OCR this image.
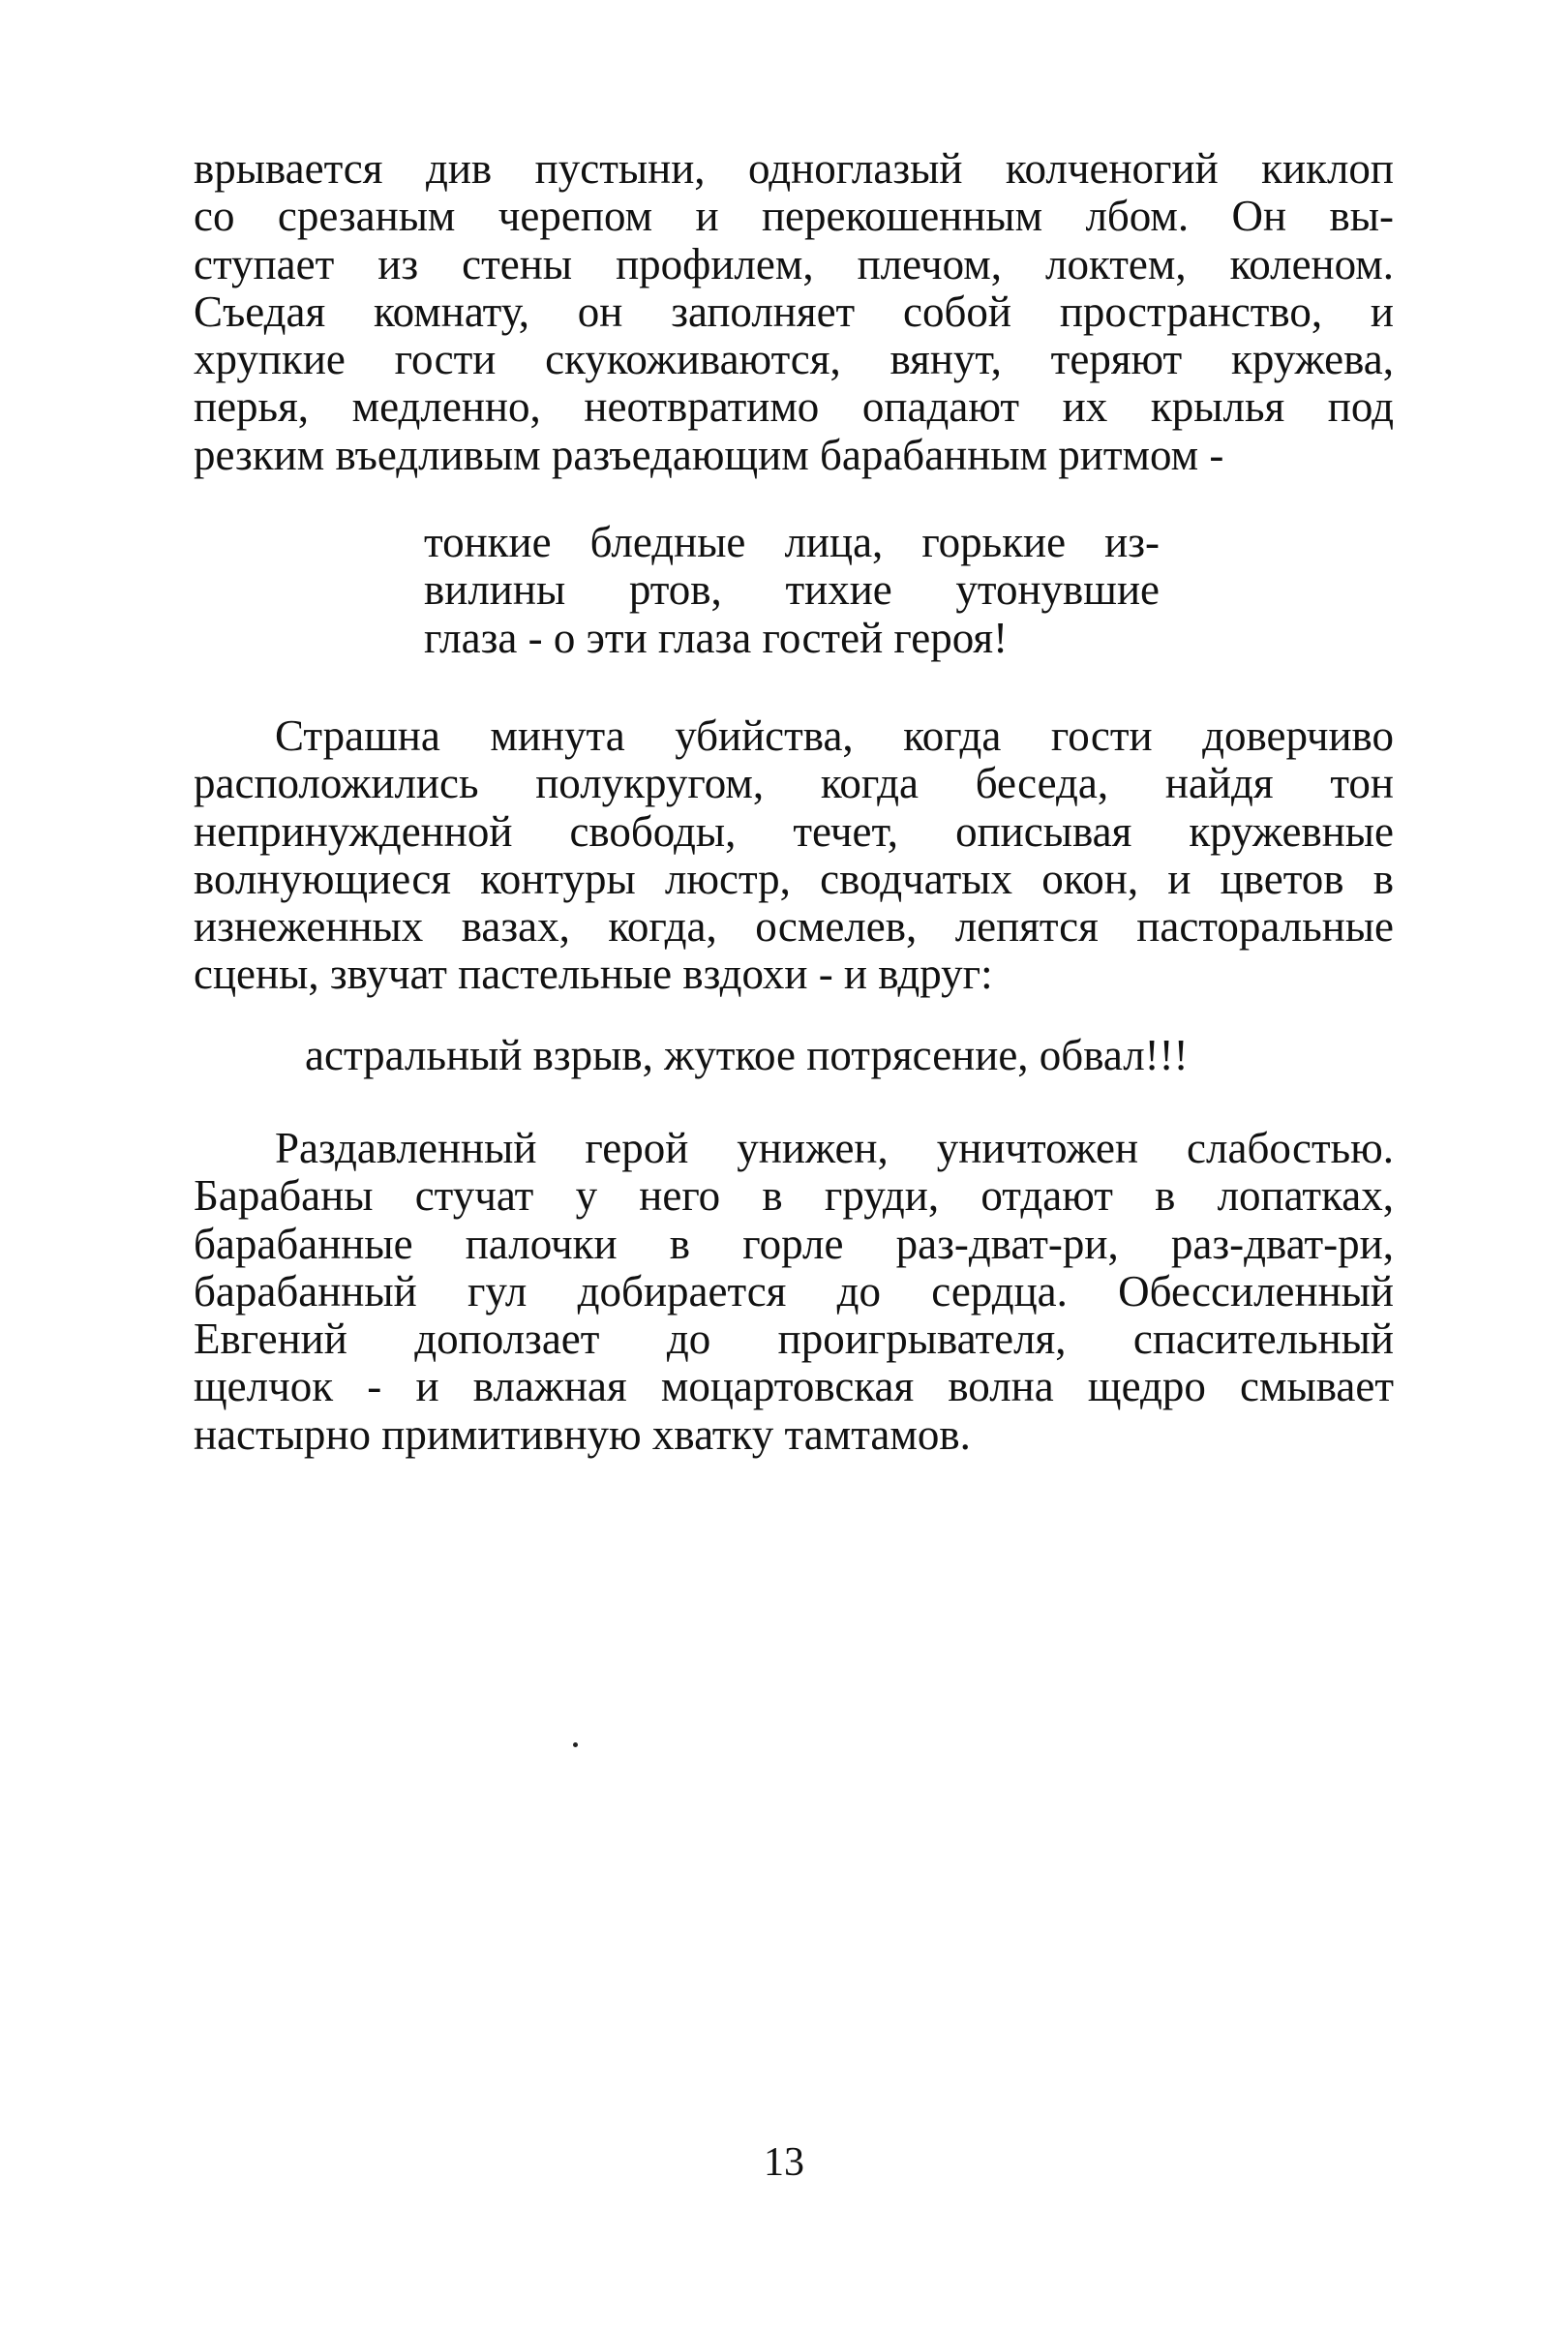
врывается див пустыни, одноглазый колченогий киклоп
со срезаным черепом и перекошенным лбом. Он вы-
ступает из стены профилем, плечом, локтем, коленом.
Съедая комнату, он заполняет собой пространство, и
хрупкие гости скукоживаются, вянут, теряют кружева,
перья, медленно, неотвратимо опадают их крылья под
резким въедливым разъедающим барабанным ритмом -
тонкие бледные лица, горькие из-
вилины ртов, тихие утонувшие
глаза - о эти глаза гостей героя!
Страшна минута убийства, когда гости доверчиво
расположились полукругом, когда беседа, найдя тон
непринужденной свободы, течет, описывая кружевные
волнующиеся контуры люстр, сводчатых окон, и цветов в
изнеженных вазах, когда, осмелев, лепятся пасторальные
сцены, звучат пастельные вздохи - и вдруг:
астральный взрыв, жуткое потрясение, обвал!!!
Раздавленный герой унижен, уничтожен слабостью.
Барабаны стучат у него в груди, отдают в лопатках,
барабанные палочки в горле раз-дват-ри, раз-дват-ри,
барабанный гул добирается до сердца. Обессиленный
Евгений доползает до проигрывателя, спасительный
щелчок - и влажная моцартовская волна щедро смывает
настырно примитивную хватку тамтамов.
13
